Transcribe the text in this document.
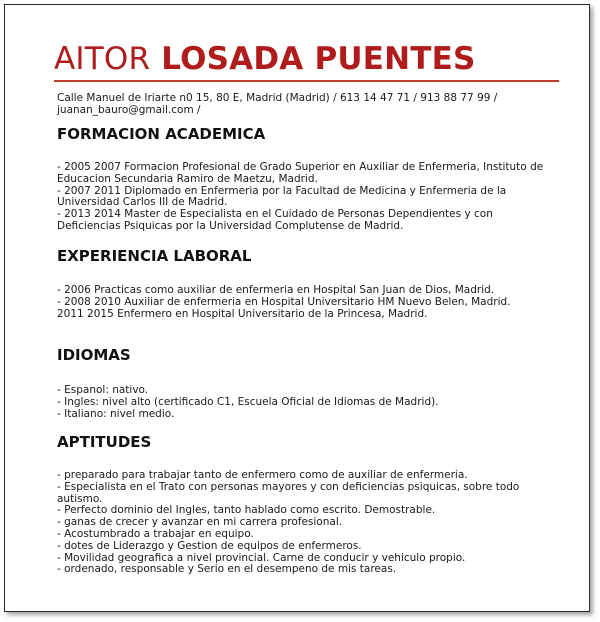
AITOR LOSADA PUENTES
Calle Manuel de Iriarte n0 15, 80 E, Madrid (Madrid) / 613 14 47 71 / 913 88 77 99 /
juanan_bauro@gmail.com /
FORMACION ACADEMICA
- 2005 2007 Formacion Profesional de Grado Superior en Auxiliar de Enfermeria, Instituto de
Educacion Secundaria Ramiro de Maetzu, Madrid.
- 2007 2011 Diplomado en Enfermeria por la Facultad de Medicina y Enfermeria de la
Universidad Carlos III de Madrid.
- 2013 2014 Master de Especialista en el Cuidado de Personas Dependientes y con
Deficiencias Psiquicas por la Universidad Complutense de Madrid.
EXPERIENCIA LABORAL
- 2006 Practicas como auxiliar de enfermeria en Hospital San Juan de Dios, Madrid.
- 2008 2010 Auxiliar de enfermeria en Hospital Universitario HM Nuevo Belen, Madrid.
2011 2015 Enfermero en Hospital Universitario de la Princesa, Madrid.
IDIOMAS
- Espanol: nativo.
- Ingles: nivel alto (certificado C1, Escuela Oficial de Idiomas de Madrid).
- Italiano: nivel medio.
APTITUDES
- preparado para trabajar tanto de enfermero como de auxiliar de enfermeria.
- Especialista en el Trato con personas mayores y con deficiencias psiquicas, sobre todo
autismo.
- Perfecto dominio del Ingles, tanto hablado como escrito. Demostrable.
- ganas de crecer y avanzar en mi carrera profesional.
- Acostumbrado a trabajar en equipo.
- dotes de Liderazgo y Gestion de equipos de enfermeros.
- Movilidad geografica a nivel provincial. Carne de conducir y vehiculo propio.
- ordenado, responsable y Serio en el desempeno de mis tareas.
